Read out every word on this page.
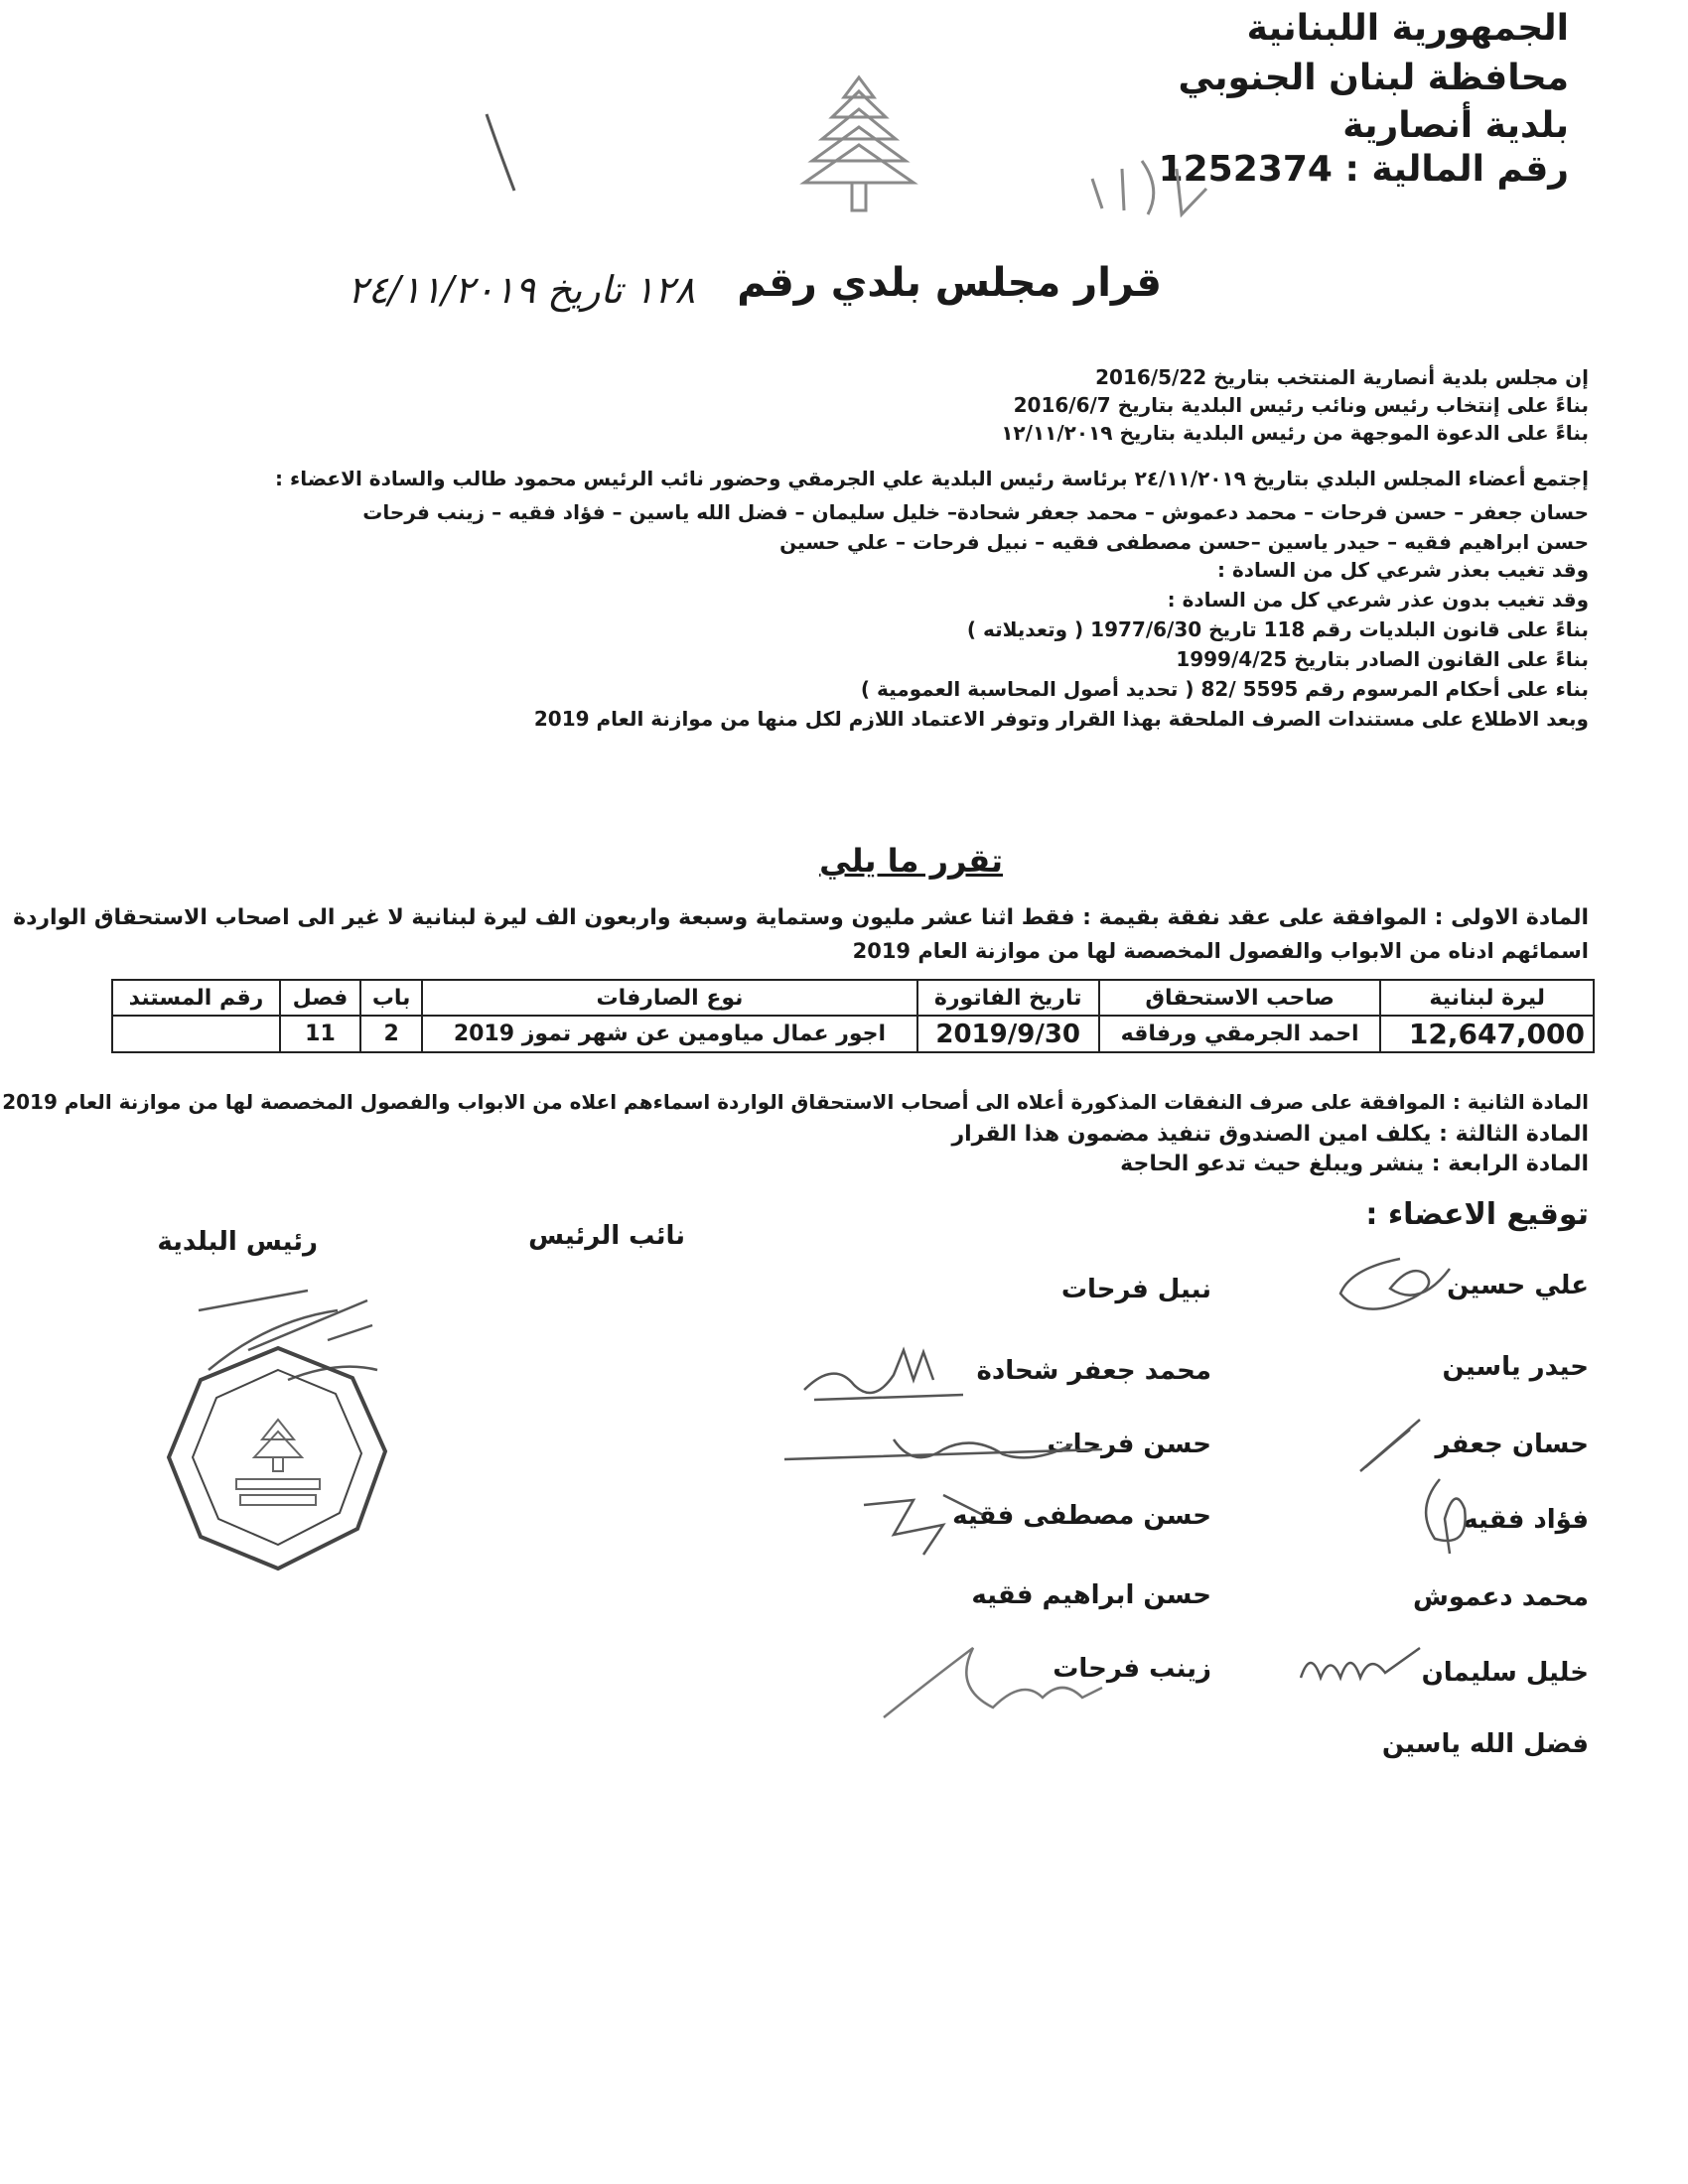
الجمهورية اللبنانية
محافظة لبنان الجنوبي
بلدية أنصارية
رقم المالية : 1252374
قرار مجلس بلدي رقم
١٢٨ تاريخ ٢٤/١١/٢٠١٩
إن مجلس بلدية أنصارية المنتخب بتاريخ 2016/5/22
بناءً على إنتخاب رئيس ونائب رئيس البلدية بتاريخ 2016/6/7
بناءً على الدعوة الموجهة من رئيس البلدية بتاريخ ١٢/١١/٢٠١٩
إجتمع أعضاء المجلس البلدي بتاريخ ٢٤/١١/٢٠١٩ برئاسة رئيس البلدية علي الجرمقي وحضور نائب الرئيس محمود طالب والسادة الاعضاء :
حسان جعفر – حسن فرحات – محمد دعموش – محمد جعفر شحادة– خليل سليمان – فضل الله ياسين – فؤاد فقيه – زينب فرحات
حسن ابراهيم فقيه – حيدر ياسين –حسن مصطفى فقيه – نبيل فرحات – علي حسين
وقد تغيب بعذر شرعي كل من السادة :
وقد تغيب بدون عذر شرعي كل من السادة :
بناءً على قانون البلديات رقم 118 تاريخ 1977/6/30 ( وتعديلاته )
بناءً على القانون الصادر بتاريخ 1999/4/25
بناء على أحكام المرسوم رقم 5595 /82 ( تحديد أصول المحاسبة العمومية )
وبعد الاطلاع على مستندات الصرف الملحقة بهذا القرار وتوفر الاعتماد اللازم لكل منها من موازنة العام 2019
تقرر ما يلي
المادة الاولى : الموافقة على عقد نفقة بقيمة : فقط اثنا عشر مليون وستماية وسبعة واربعون الف ليرة لبنانية لا غير الى اصحاب الاستحقاق الواردة
اسمائهم ادناه من الابواب والفصول المخصصة لها من موازنة العام 2019
ليرة لبنانية	صاحب الاستحقاق	تاريخ الفاتورة	نوع الصارفات	باب	فصل	رقم المستند
12,647,000	احمد الجرمقي ورفاقه	2019/9/30	اجور عمال مياومين عن شهر تموز 2019	2	11	
المادة الثانية : الموافقة على صرف النفقات المذكورة أعلاه الى أصحاب الاستحقاق الواردة اسماءهم اعلاه من الابواب والفصول المخصصة لها من موازنة العام 2019
المادة الثالثة : يكلف امين الصندوق تنفيذ مضمون هذا القرار
المادة الرابعة : ينشر ويبلغ حيث تدعو الحاجة
توقيع الاعضاء :
نائب الرئيس
رئيس البلدية
علي حسين
حيدر ياسين
حسان جعفر
فؤاد فقيه
محمد دعموش
خليل سليمان
فضل الله ياسين
نبيل فرحات
محمد جعفر شحادة
حسن فرحات
حسن مصطفى فقيه
حسن ابراهيم فقيه
زينب فرحات
